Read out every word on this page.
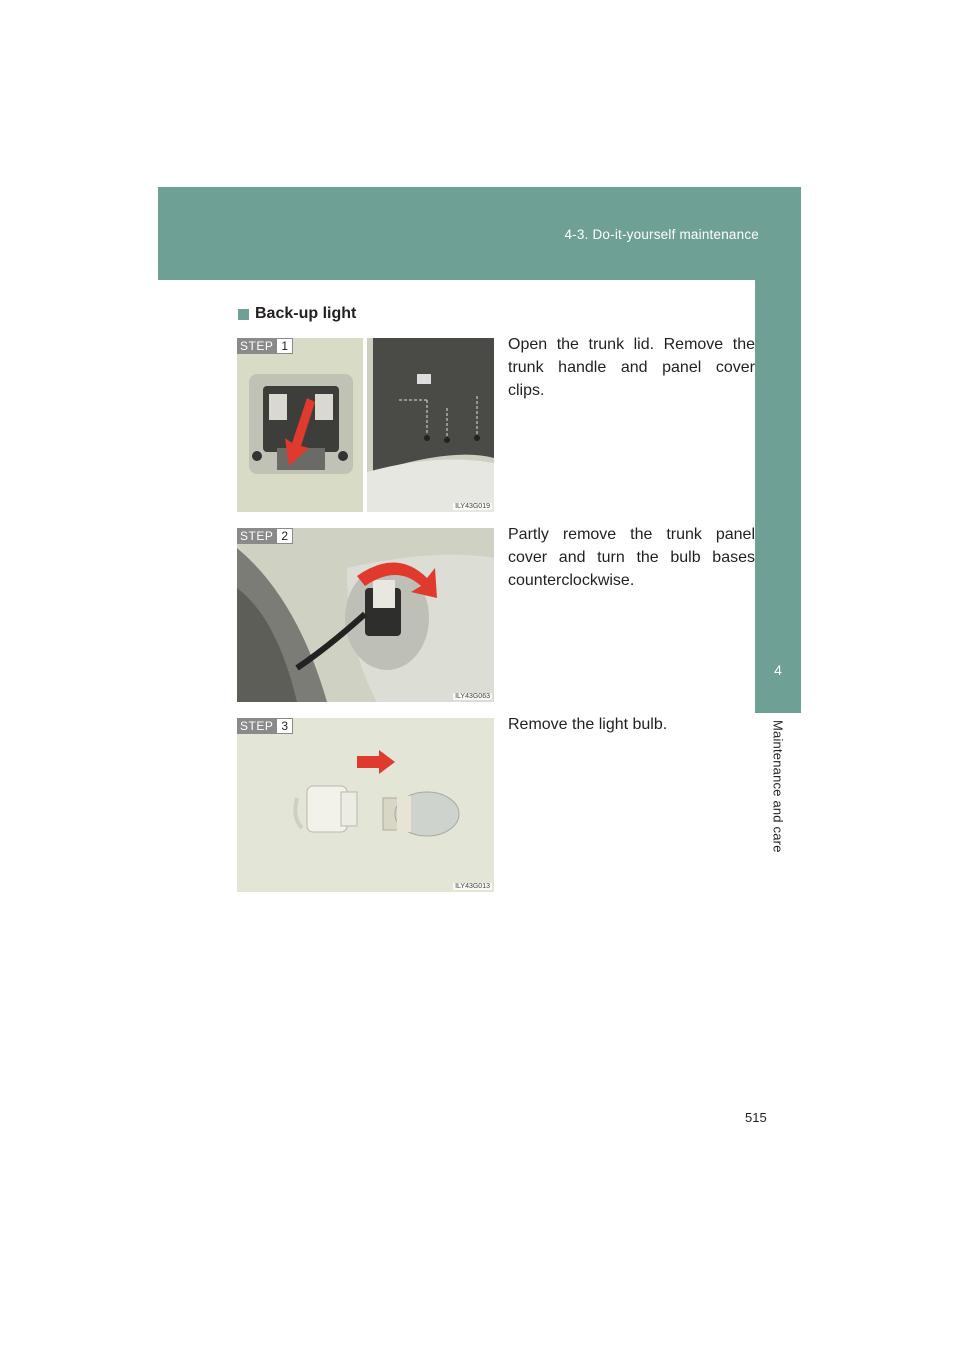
4-3. Do-it-yourself maintenance
4
Maintenance and care
Back-up light
STEP 1
ILY43G019
Open the trunk lid. Remove the trunk handle and panel cover clips.
STEP 2
ILY43G063
Partly remove the trunk panel cover and turn the bulb bases counterclockwise.
STEP 3
ILY43G013
Remove the light bulb.
515
